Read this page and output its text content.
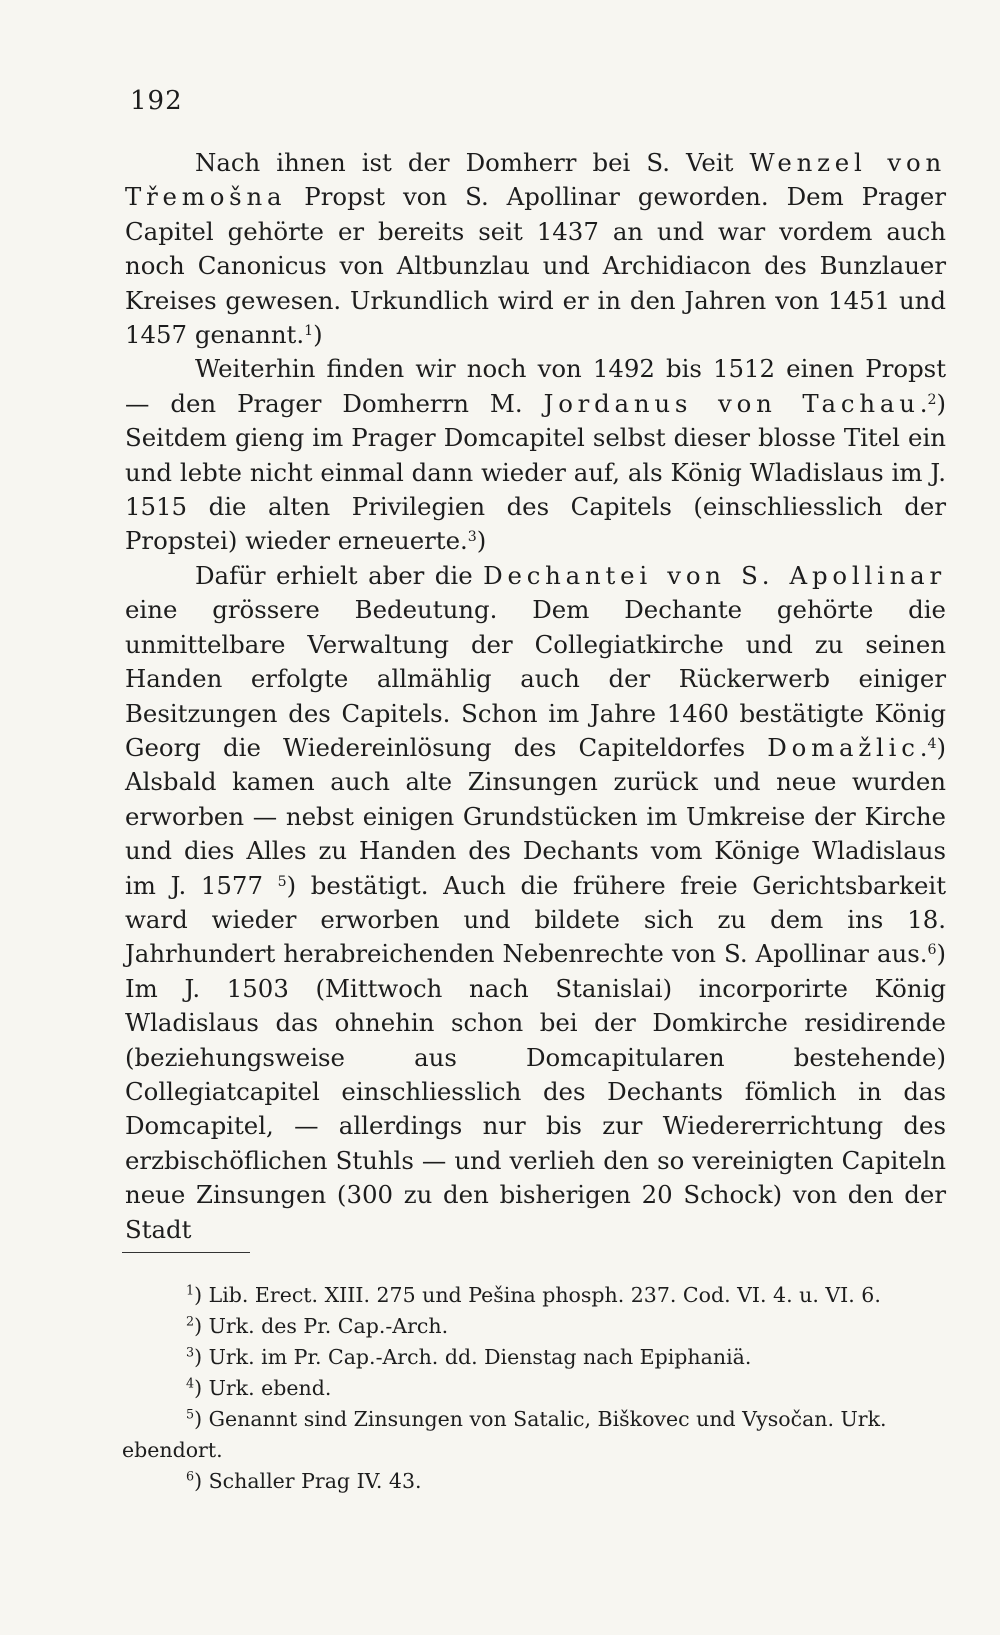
192

Nach ihnen ist der Domherr bei S. Veit Wenzel von Třemošna Propst von S. Apollinar geworden. Dem Prager Capitel gehörte er bereits seit 1437 an und war vordem auch noch Canonicus von Altbunzlau und Archidiacon des Bunzlauer Kreises gewesen. Urkundlich wird er in den Jahren von 1451 und 1457 genannt.$^1$)

Weiterhin finden wir noch von 1492 bis 1512 einen Propst — den Prager Domherrn M. Jordanus von Tachau.$^2$) Seitdem gieng im Prager Domcapitel selbst dieser blosse Titel ein und lebte nicht einmal dann wieder auf, als König Wladislaus im J. 1515 die alten Privilegien des Capitels (einschliesslich der Propstei) wieder erneuerte.$^3$)

Dafür erhielt aber die Dechantei von S. Apollinar eine grössere Bedeutung. Dem Dechante gehörte die unmittelbare Verwaltung der Collegiatkirche und zu seinen Handen erfolgte allmählig auch der Rückerwerb einiger Besitzungen des Capitels. Schon im Jahre 1460 bestätigte König Georg die Wiedereinlösung des Capiteldorfes Domažlic.$^4$) Alsbald kamen auch alte Zinsungen zurück und neue wurden erworben — nebst einigen Grundstücken im Umkreise der Kirche und dies Alles zu Handen des Dechants vom Könige Wladislaus im J. 1577 $^5$) bestätigt. Auch die frühere freie Gerichtsbarkeit ward wieder erworben und bildete sich zu dem ins 18. Jahrhundert herabreichenden Nebenrechte von S. Apollinar aus.$^6$) Im J. 1503 (Mittwoch nach Stanislai) incorporirte König Wladislaus das ohnehin schon bei der Domkirche residirende (beziehungsweise aus Domcapitularen bestehende) Collegiatcapitel einschliesslich des Dechants fömlich in das Domcapitel, — allerdings nur bis zur Wiedererrichtung des erzbischöflichen Stuhls — und verlieh den so vereinigten Capiteln neue Zinsungen (300 zu den bisherigen 20 Schock) von den der Stadt

$^1$) Lib. Erect. XIII. 275 und Pešina phosph. 237. Cod. VI. 4. u. VI. 6.

$^2$) Urk. des Pr. Cap.-Arch.

$^3$) Urk. im Pr. Cap.-Arch. dd. Dienstag nach Epiphaniä.

$^4$) Urk. ebend.

$^5$) Genannt sind Zinsungen von Satalic, Biškovec und Vysočan. Urk. ebendort.

$^6$) Schaller Prag IV. 43.
